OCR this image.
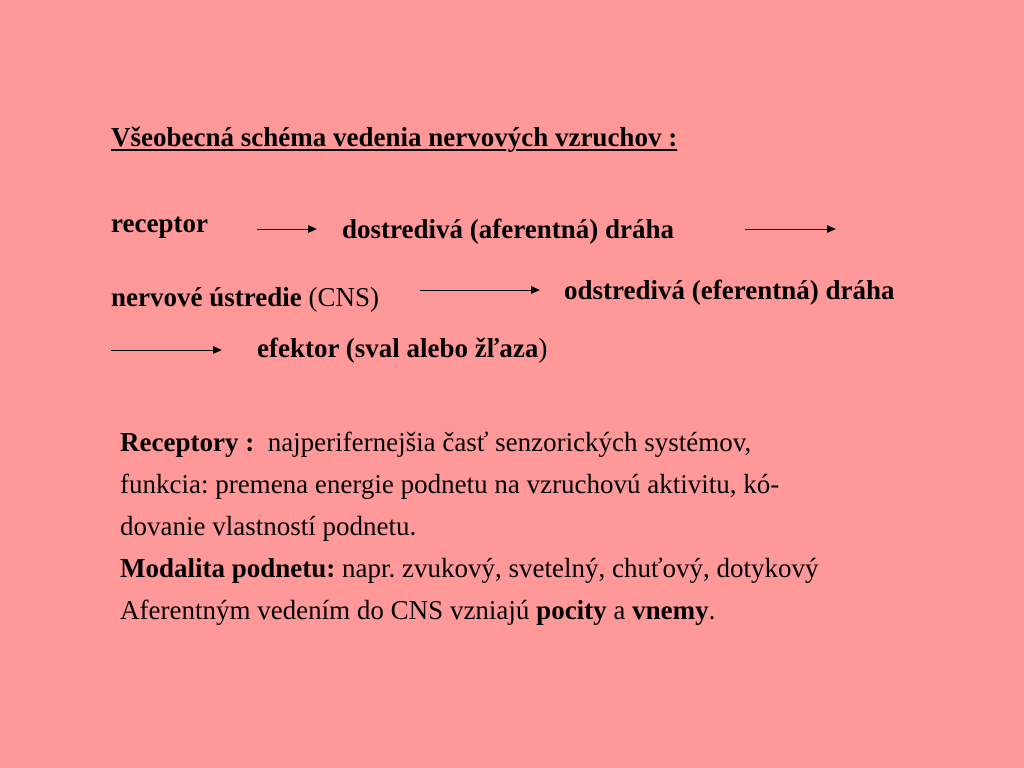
Všeobecná schéma vedenia nervových vzruchov :
receptor	dostredivá (aferentná) dráha
nervové ústredie (CNS)	odstredivá (eferentná) dráha
efektor (sval alebo žľaza)

Receptory :  najperifernejšia časť senzorických systémov,

funkcia: premena energie podnetu na vzruchovú aktivitu, kó-

dovanie vlastností podnetu.

Modalita podnetu: napr. zvukový, svetelný, chuťový, dotykový

Aferentným vedením do CNS vzniajú pocity a vnemy.
